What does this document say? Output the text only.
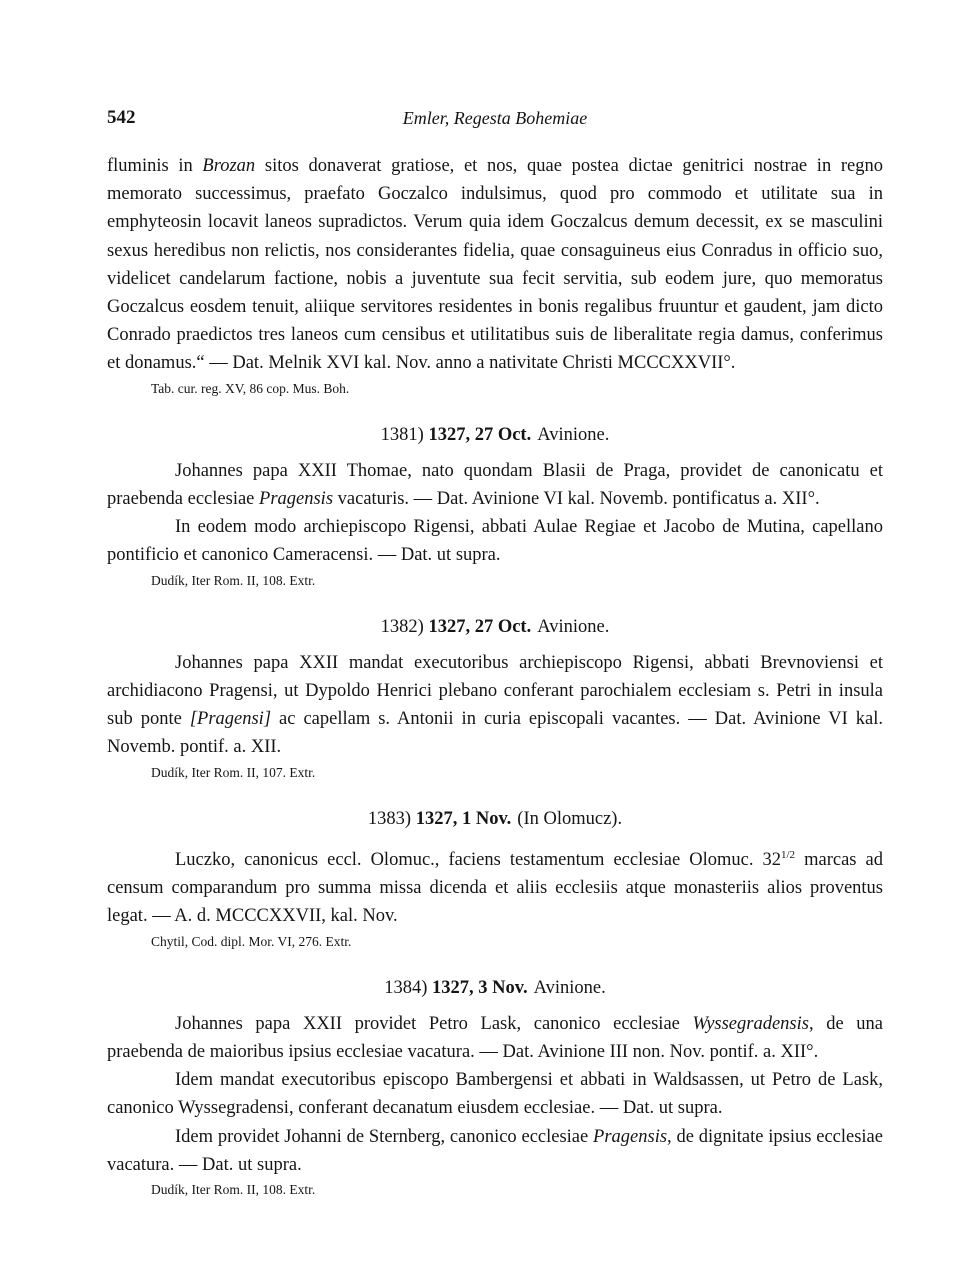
542	Emler, Regesta Bohemiae

fluminis in Brozan sitos donaverat gratiose, et nos, quae postea dictae genitrici nostrae in regno memorato successimus, praefato Goczalco indulsimus, quod pro commodo et utilitate sua in emphyteosin locavit laneos supradictos. Verum quia idem Goczalcus demum decessit, ex se masculini sexus heredibus non relictis, nos considerantes fidelia, quae consaguineus eius Conradus in officio suo, videlicet candelarum factione, nobis a juventute sua fecit servitia, sub eodem jure, quo memoratus Goczalcus eosdem tenuit, aliique servitores residentes in bonis regalibus fruuntur et gaudent, jam dicto Conrado praedictos tres laneos cum censibus et utilitatibus suis de liberalitate regia damus, conferimus et donamus.“ — Dat. Melnik XVI kal. Nov. anno a nativitate Christi MCCCXXVII°.

Tab. cur. reg. XV, 86 cop. Mus. Boh.
1381) 1327, 27 Oct. Avinione.

Johannes papa XXII Thomae, nato quondam Blasii de Praga, providet de canonicatu et praebenda ecclesiae Pragensis vacaturis. — Dat. Avinione VI kal. Novemb. pontificatus a. XII°.

In eodem modo archiepiscopo Rigensi, abbati Aulae Regiae et Jacobo de Mutina, capellano pontificio et canonico Cameracensi. — Dat. ut supra.

Dudík, Iter Rom. II, 108. Extr.
1382) 1327, 27 Oct. Avinione.

Johannes papa XXII mandat executoribus archiepiscopo Rigensi, abbati Brevnoviensi et archidiacono Pragensi, ut Dypoldo Henrici plebano conferant parochialem ecclesiam s. Petri in insula sub ponte [Pragensi] ac capellam s. Antonii in curia episcopali vacantes. — Dat. Avinione VI kal. Novemb. pontif. a. XII.

Dudík, Iter Rom. II, 107. Extr.
1383) 1327, 1 Nov. (In Olomucz).

Luczko, canonicus eccl. Olomuc., faciens testamentum ecclesiae Olomuc. $32^{1/2}$ marcas ad censum comparandum pro summa missa dicenda et aliis ecclesiis atque monasteriis alios proventus legat. — A. d. MCCCXXVII, kal. Nov.

Chytil, Cod. dipl. Mor. VI, 276. Extr.
1384) 1327, 3 Nov. Avinione.

Johannes papa XXII providet Petro Lask, canonico ecclesiae Wyssegradensis, de una praebenda de maioribus ipsius ecclesiae vacatura. — Dat. Avinione III non. Nov. pontif. a. XII°.

Idem mandat executoribus episcopo Bambergensi et abbati in Waldsassen, ut Petro de Lask, canonico Wyssegradensi, conferant decanatum eiusdem ecclesiae. — Dat. ut supra.

Idem providet Johanni de Sternberg, canonico ecclesiae Pragensis, de dignitate ipsius ecclesiae vacatura. — Dat. ut supra.

Dudík, Iter Rom. II, 108. Extr.
